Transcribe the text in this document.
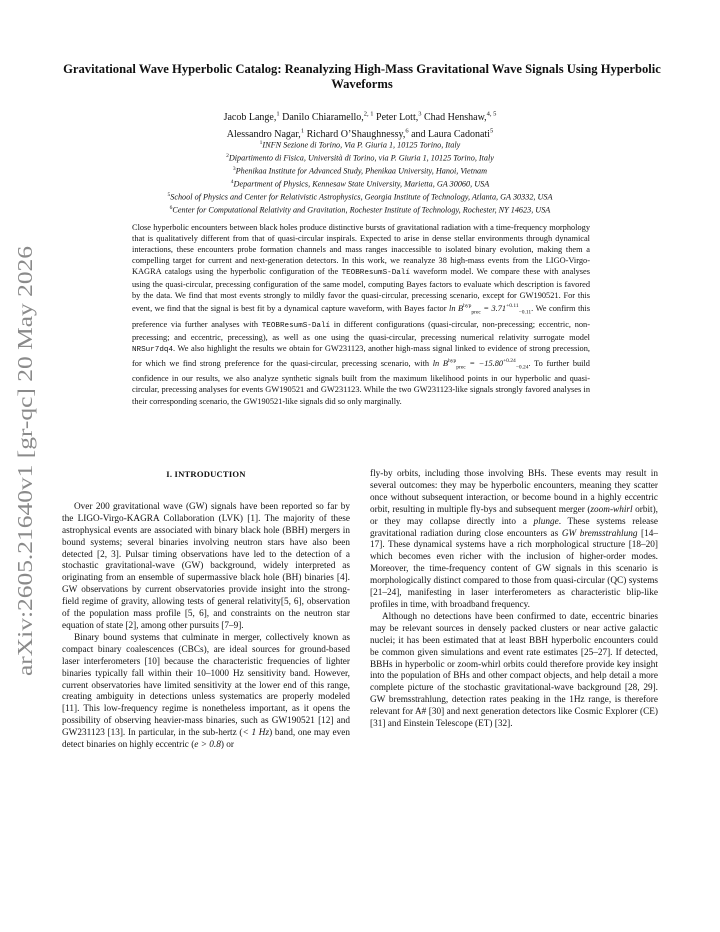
arXiv:2605.21640v1 [gr-qc] 20 May 2026
Gravitational Wave Hyperbolic Catalog: Reanalyzing High-Mass Gravitational Wave Signals Using Hyperbolic Waveforms
Jacob Lange,$^1$ Danilo Chiaramello,$^{2, 1}$ Peter Lott,$^3$ Chad Henshaw,$^{4, 5}$
Alessandro Nagar,$^1$ Richard O’Shaughnessy,$^6$ and Laura Cadonati$^5$
$^1$INFN Sezione di Torino, Via P. Giuria 1, 10125 Torino, Italy
$^2$Dipartimento di Fisica, Università di Torino, via P. Giuria 1, 10125 Torino, Italy
$^3$Phenikaa Institute for Advanced Study, Phenikaa University, Hanoi, Vietnam
$^4$Department of Physics, Kennesaw State University, Marietta, GA 30060, USA
$^5$School of Physics and Center for Relativistic Astrophysics, Georgia Institute of Technology, Atlanta, GA 30332, USA
$^6$Center for Computational Relativity and Gravitation, Rochester Institute of Technology, Rochester, NY 14623, USA

Close hyperbolic encounters between black holes produce distinctive bursts of gravitational radiation with a time-frequency morphology that is qualitatively different from that of quasi-circular inspirals. Expected to arise in dense stellar environments through dynamical interactions, these encounters probe formation channels and mass ranges inaccessible to isolated binary evolution, making them a compelling target for current and next-generation detectors. In this work, we reanalyze 38 high-mass events from the LIGO-Virgo-KAGRA catalogs using the hyperbolic configuration of the TEOBResumS-Dalí waveform model. We compare these with analyses using the quasi-circular, precessing configuration of the same model, computing Bayes factors to evaluate which description is favored by the data. We find that most events strongly to mildly favor the quasi-circular, precessing scenario, except for GW190521. For this event, we find that the signal is best fit by a dynamical capture waveform, with Bayes factor $\ln B^{hyp}_{prec} = 3.71^{+0.11}_{-0.11}$. We confirm this preference via further analyses with TEOBResumS-Dalí in different configurations (quasi-circular, non-precessing; eccentric, non-precessing; and eccentric, precessing), as well as one using the quasi-circular, precessing numerical relativity surrogate model NRSur7dq4. We also highlight the results we obtain for GW231123, another high-mass signal linked to evidence of strong precession, for which we find strong preference for the quasi-circular, precessing scenario, with $\ln B^{hyp}_{prec} = -15.80^{+0.24}_{-0.24}$. To further build confidence in our results, we also analyze synthetic signals built from the maximum likelihood points in our hyperbolic and quasi-circular, precessing analyses for events GW190521 and GW231123. While the two GW231123-like signals strongly favored analyses in their corresponding scenario, the GW190521-like signals did so only marginally.

I. INTRODUCTION

Over 200 gravitational wave (GW) signals have been reported so far by the LIGO-Virgo-KAGRA Collaboration (LVK) [1]. The majority of these astrophysical events are associated with binary black hole (BBH) mergers in bound systems; several binaries involving neutron stars have also been detected [2, 3]. Pulsar timing observations have led to the detection of a stochastic gravitational-wave (GW) background, widely interpreted as originating from an ensemble of supermassive black hole (BH) binaries [4]. GW observations by current observatories provide insight into the strong-field regime of gravity, allowing tests of general relativity[5, 6], observation of the population mass profile [5, 6], and constraints on the neutron star equation of state [2], among other pursuits [7–9].

Binary bound systems that culminate in merger, collectively known as compact binary coalescences (CBCs), are ideal sources for ground-based laser interferometers [10] because the characteristic frequencies of lighter binaries typically fall within their 10–1000 Hz sensitivity band. However, current observatories have limited sensitivity at the lower end of this range, creating ambiguity in detections unless systematics are properly modeled [11]. This low-frequency regime is nonetheless important, as it opens the possibility of observing heavier-mass binaries, such as GW190521 [12] and GW231123 [13]. In particular, in the sub-hertz (< 1 Hz) band, one may even detect binaries on highly eccentric (e > 0.8) or

fly-by orbits, including those involving BHs. These events may result in several outcomes: they may be hyperbolic encounters, meaning they scatter once without subsequent interaction, or become bound in a highly eccentric orbit, resulting in multiple fly-bys and subsequent merger (zoom-whirl orbit), or they may collapse directly into a plunge. These systems release gravitational radiation during close encounters as GW bremsstrahlung [14–17]. These dynamical systems have a rich morphological structure [18–20] which becomes even richer with the inclusion of higher-order modes. Moreover, the time-frequency content of GW signals in this scenario is morphologically distinct compared to those from quasi-circular (QC) systems [21–24], manifesting in laser interferometers as characteristic blip-like profiles in time, with broadband frequency.

Although no detections have been confirmed to date, eccentric binaries may be relevant sources in densely packed clusters or near active galactic nuclei; it has been estimated that at least BBH hyperbolic encounters could be common given simulations and event rate estimates [25–27]. If detected, BBHs in hyperbolic or zoom-whirl orbits could therefore provide key insight into the population of BHs and other compact objects, and help detail a more complete picture of the stochastic gravitational-wave background [28, 29]. GW bremsstrahlung, detection rates peaking in the 1Hz range, is therefore relevant for A# [30] and next generation detectors like Cosmic Explorer (CE) [31] and Einstein Telescope (ET) [32].
